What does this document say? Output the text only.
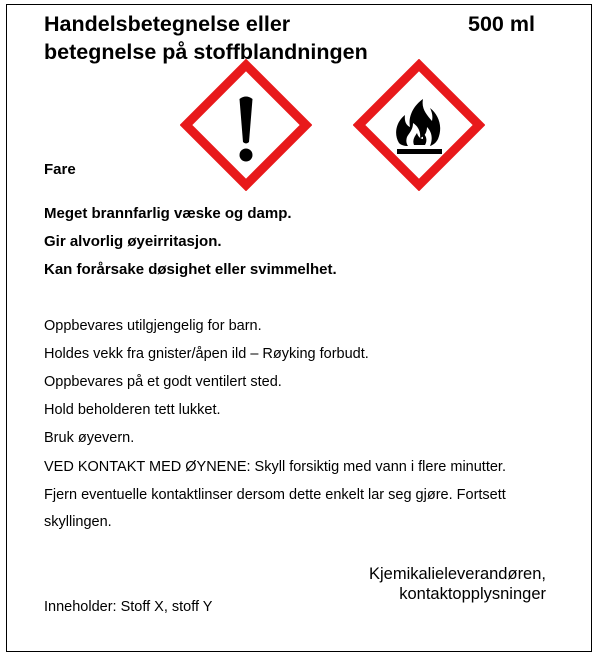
Handelsbetegnelse eller
betegnelse på stoffblandningen
500 ml
Fare
Meget brannfarlig væske og damp.
Gir alvorlig øyeirritasjon.
Kan forårsake døsighet eller svimmelhet.
Oppbevares utilgjengelig for barn.
Holdes vekk fra gnister/åpen ild – Røyking forbudt.
Oppbevares på et godt ventilert sted.
Hold beholderen tett lukket.
Bruk øyevern.
VED KONTAKT MED ØYNENE: Skyll forsiktig med vann i flere minutter.
Fjern eventuelle kontaktlinser dersom dette enkelt lar seg gjøre. Fortsett
skyllingen.
Kjemikalieleverandøren,
kontaktopplysninger
Inneholder: Stoff X, stoff Y
